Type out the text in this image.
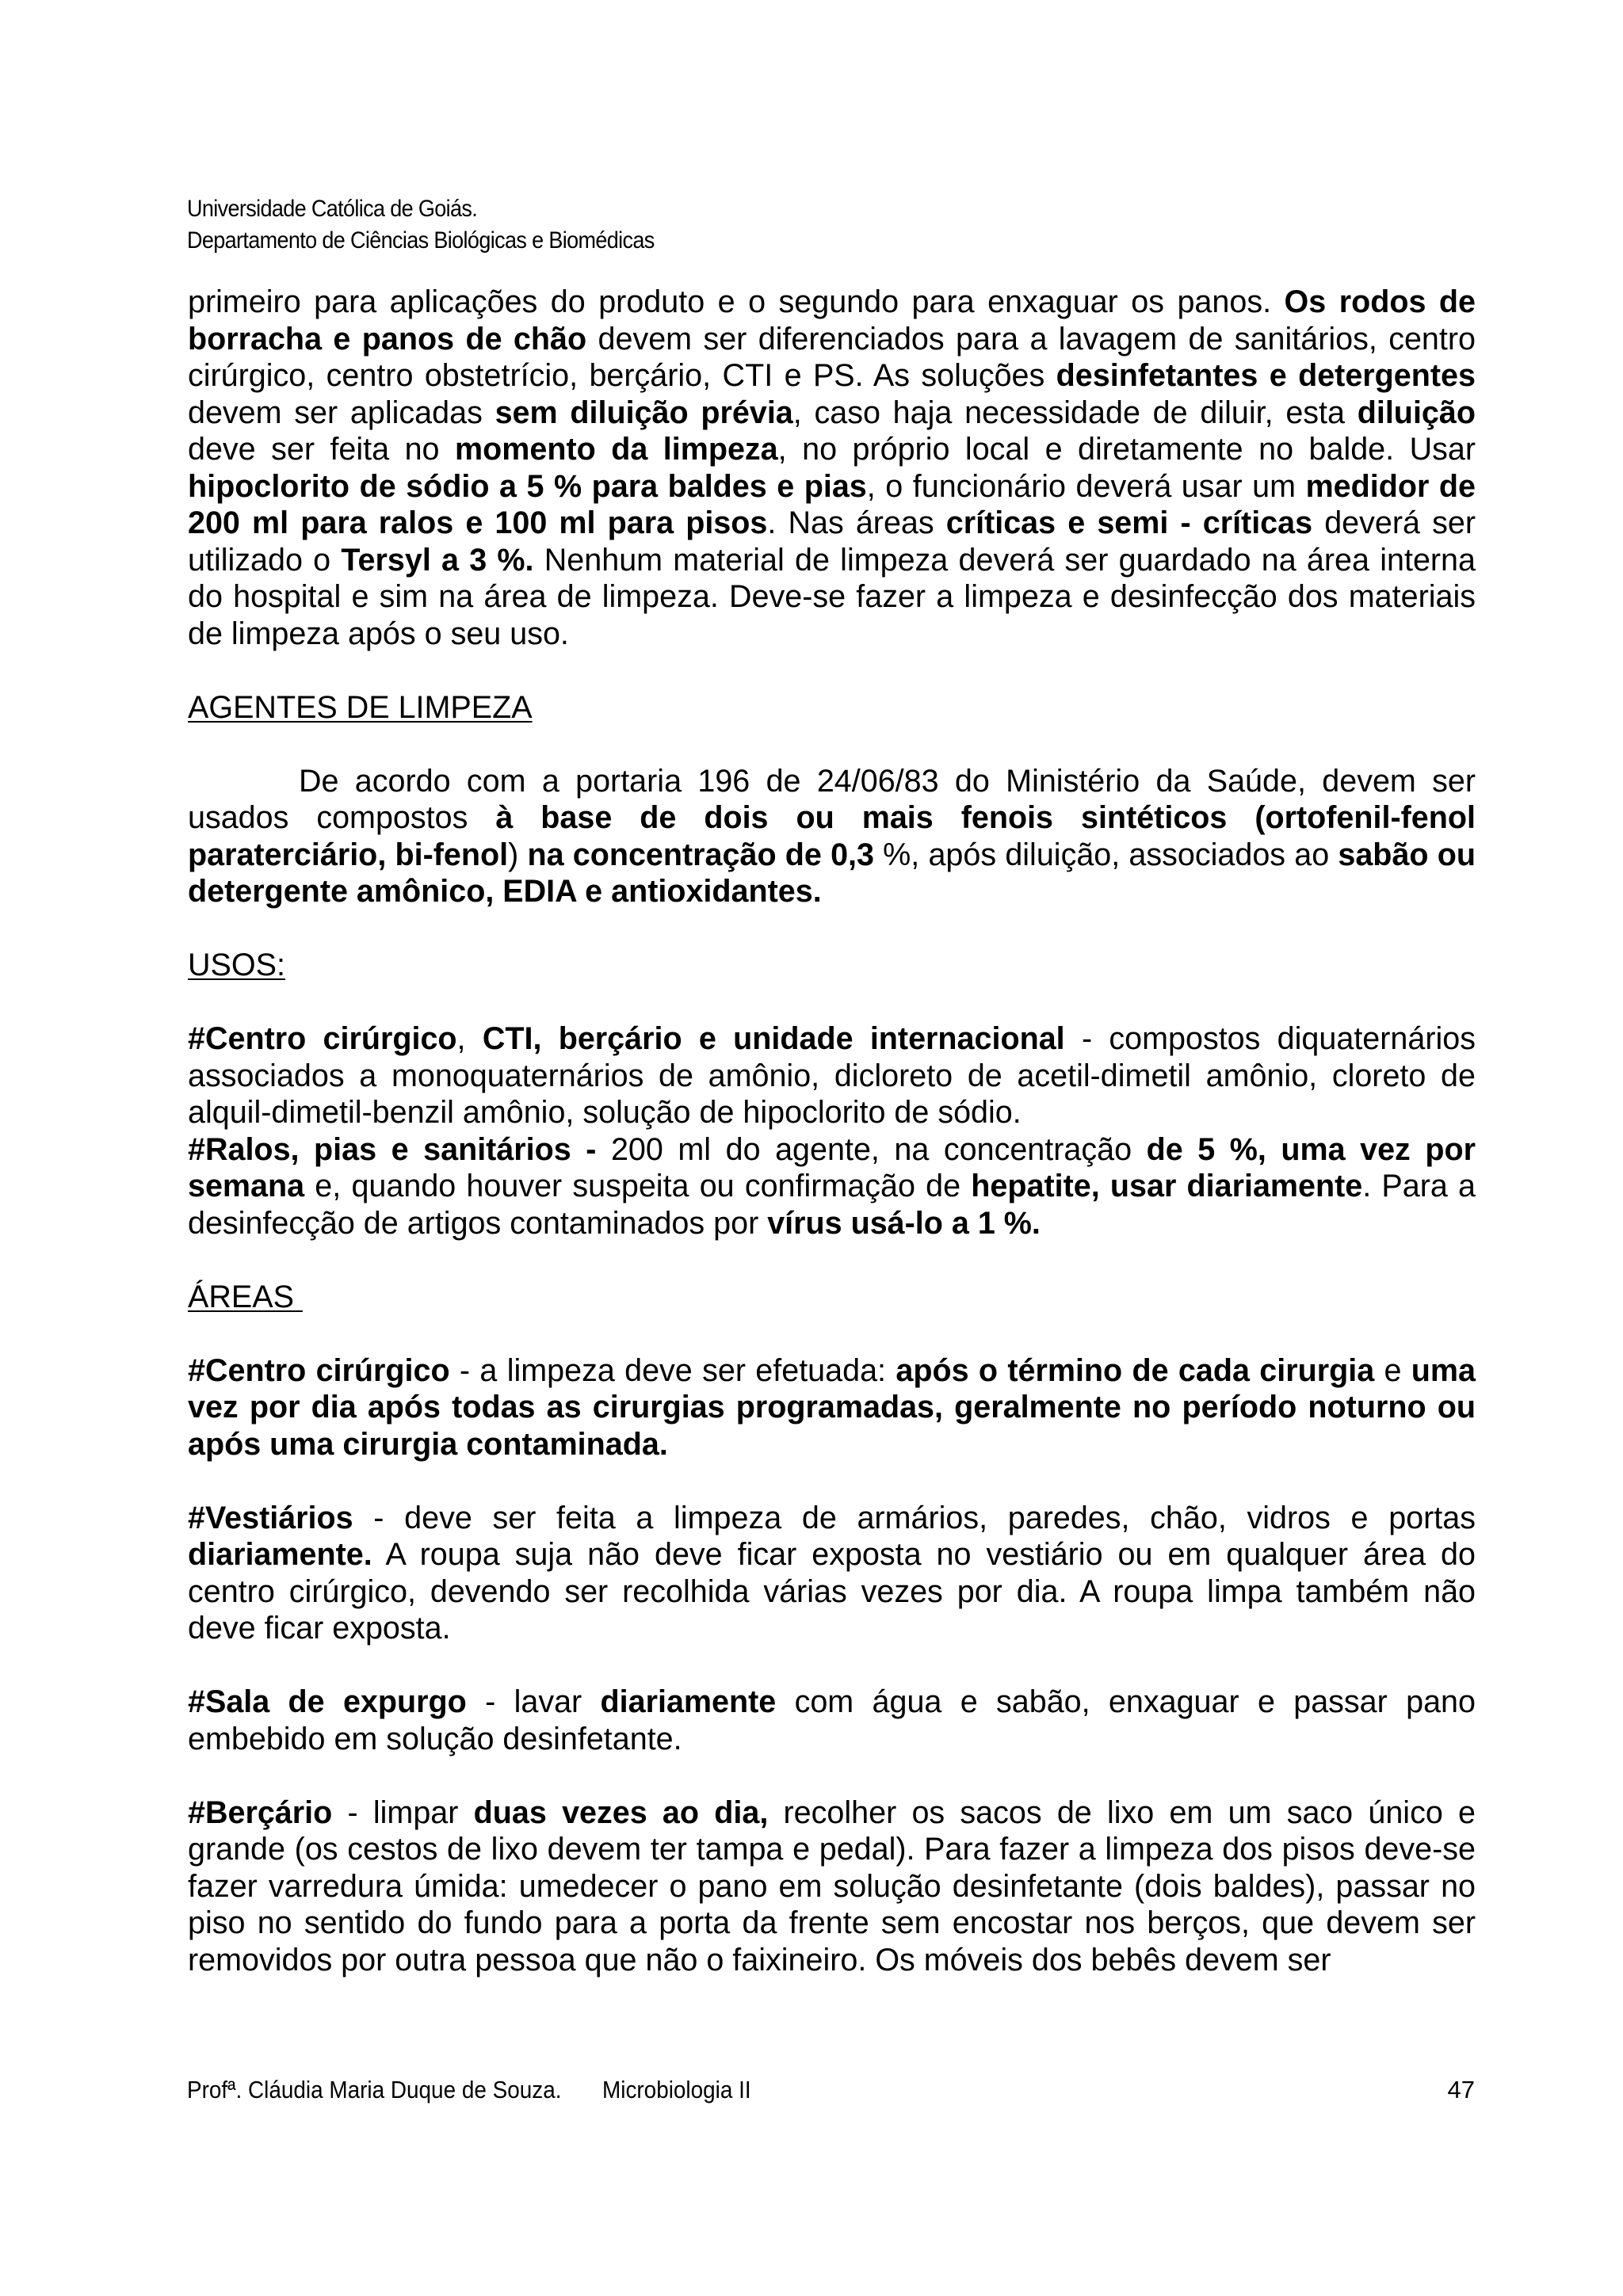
Universidade Católica de Goiás.
Departamento de Ciências Biológicas e Biomédicas

primeiro para aplicações do produto e o segundo para enxaguar os panos. Os rodos de borracha e panos de chão devem ser diferenciados para a lavagem de sanitários, centro cirúrgico, centro obstetrício, berçário, CTI e PS. As soluções desinfetantes e detergentes devem ser aplicadas sem diluição prévia, caso haja necessidade de diluir, esta diluição deve ser feita no momento da limpeza, no próprio local e diretamente no balde. Usar hipoclorito de sódio a 5 % para baldes e pias, o funcionário deverá usar um medidor de 200 ml para ralos e 100 ml para pisos. Nas áreas críticas e semi - críticas deverá ser utilizado o Tersyl a 3 %. Nenhum material de limpeza deverá ser guardado na área interna do hospital e sim na área de limpeza. Deve-se fazer a limpeza e desinfecção dos materiais de limpeza após o seu uso.

AGENTES DE LIMPEZA

De acordo com a portaria 196 de 24/06/83 do Ministério da Saúde, devem ser usados compostos à base de dois ou mais fenois sintéticos (ortofenil-fenol paraterciário, bi-fenol) na concentração de 0,3 %, após diluição, associados ao sabão ou detergente amônico, EDIA e antioxidantes.

USOS:

#Centro cirúrgico, CTI, berçário e unidade internacional - compostos diquaternários associados a monoquaternários de amônio, dicloreto de acetil-dimetil amônio, cloreto de alquil-dimetil-benzil amônio, solução de hipoclorito de sódio.

#Ralos, pias e sanitários - 200 ml do agente, na concentração de 5 %, uma vez por semana e, quando houver suspeita ou confirmação de hepatite, usar diariamente. Para a desinfecção de artigos contaminados por vírus usá-lo a 1 %.

ÁREAS

#Centro cirúrgico - a limpeza deve ser efetuada: após o término de cada cirurgia e uma vez por dia após todas as cirurgias programadas, geralmente no período noturno ou após uma cirurgia contaminada.

#Vestiários - deve ser feita a limpeza de armários, paredes, chão, vidros e portas diariamente. A roupa suja não deve ficar exposta no vestiário ou em qualquer área do centro cirúrgico, devendo ser recolhida várias vezes por dia. A roupa limpa também não deve ficar exposta.

#Sala de expurgo - lavar diariamente com água e sabão, enxaguar e passar pano embebido em solução desinfetante.

#Berçário - limpar duas vezes ao dia, recolher os sacos de lixo em um saco único e grande (os cestos de lixo devem ter tampa e pedal). Para fazer a limpeza dos pisos deve-se fazer varredura úmida: umedecer o pano em solução desinfetante (dois baldes), passar no piso no sentido do fundo para a porta da frente sem encostar nos berços, que devem ser removidos por outra pessoa que não o faixineiro. Os móveis dos bebês devem ser

Profª. Cláudia Maria Duque de Souza. Microbiologia II	47
